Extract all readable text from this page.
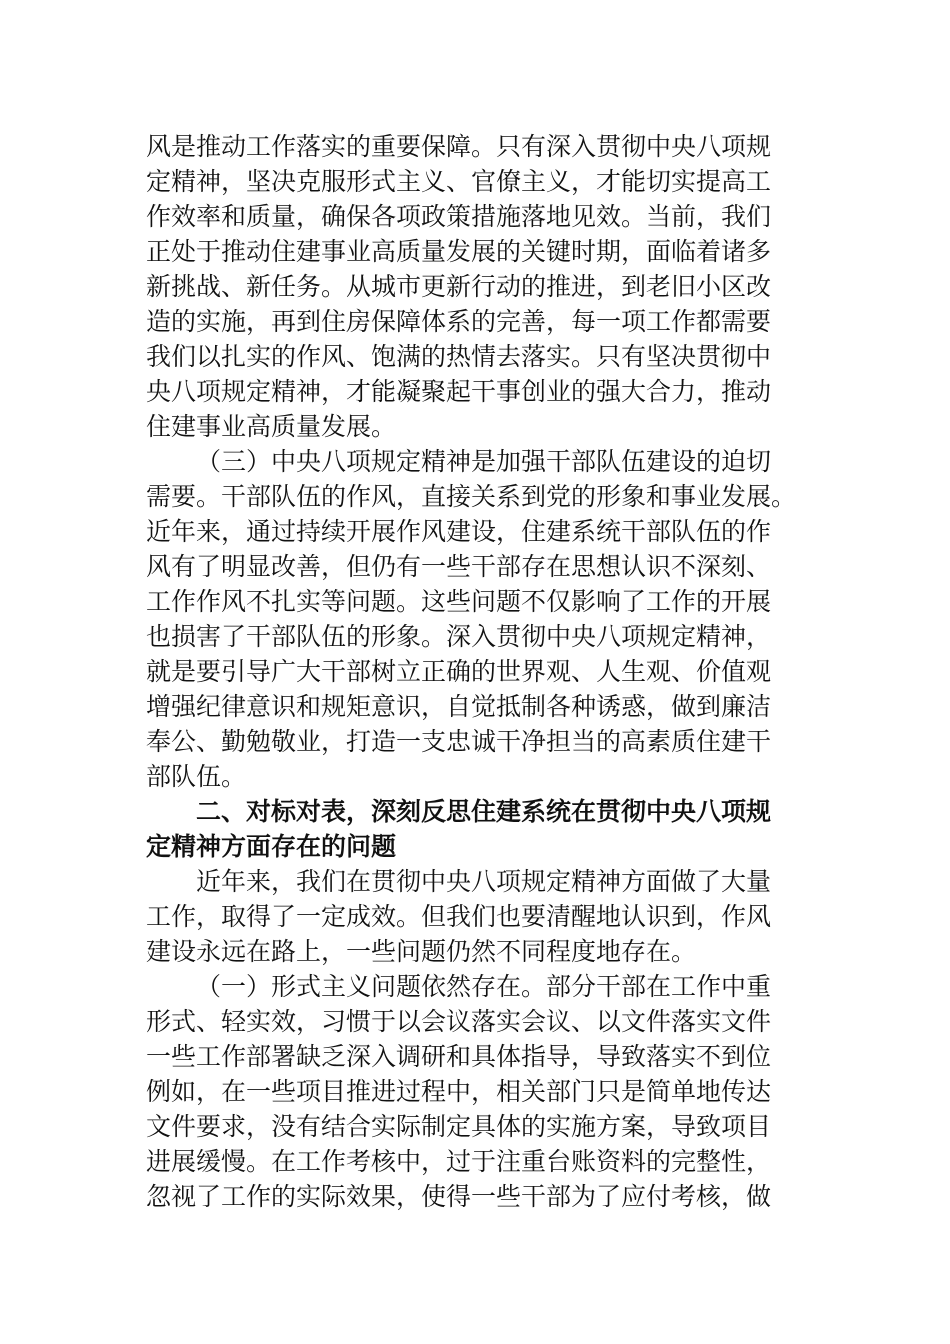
风是推动工作落实的重要保障。只有深入贯彻中央八项规
定精神，坚决克服形式主义、官僚主义，才能切实提高工
作效率和质量，确保各项政策措施落地见效。当前，我们
正处于推动住建事业高质量发展的关键时期，面临着诸多
新挑战、新任务。从城市更新行动的推进，到老旧小区改
造的实施，再到住房保障体系的完善，每一项工作都需要
我们以扎实的作风、饱满的热情去落实。只有坚决贯彻中
央八项规定精神，才能凝聚起干事创业的强大合力，推动
住建事业高质量发展。
（三）中央八项规定精神是加强干部队伍建设的迫切
需要。干部队伍的作风，直接关系到党的形象和事业发展。
近年来，通过持续开展作风建设，住建系统干部队伍的作
风有了明显改善，但仍有一些干部存在思想认识不深刻、
工作作风不扎实等问题。这些问题不仅影响了工作的开展
也损害了干部队伍的形象。深入贯彻中央八项规定精神，
就是要引导广大干部树立正确的世界观、人生观、价值观
增强纪律意识和规矩意识，自觉抵制各种诱惑，做到廉洁
奉公、勤勉敬业，打造一支忠诚干净担当的高素质住建干
部队伍。
二、对标对表，深刻反思住建系统在贯彻中央八项规
定精神方面存在的问题
近年来，我们在贯彻中央八项规定精神方面做了大量
工作，取得了一定成效。但我们也要清醒地认识到，作风
建设永远在路上，一些问题仍然不同程度地存在。
（一）形式主义问题依然存在。部分干部在工作中重
形式、轻实效，习惯于以会议落实会议、以文件落实文件
一些工作部署缺乏深入调研和具体指导，导致落实不到位
例如，在一些项目推进过程中，相关部门只是简单地传达
文件要求，没有结合实际制定具体的实施方案，导致项目
进展缓慢。在工作考核中，过于注重台账资料的完整性，
忽视了工作的实际效果，使得一些干部为了应付考核，做
